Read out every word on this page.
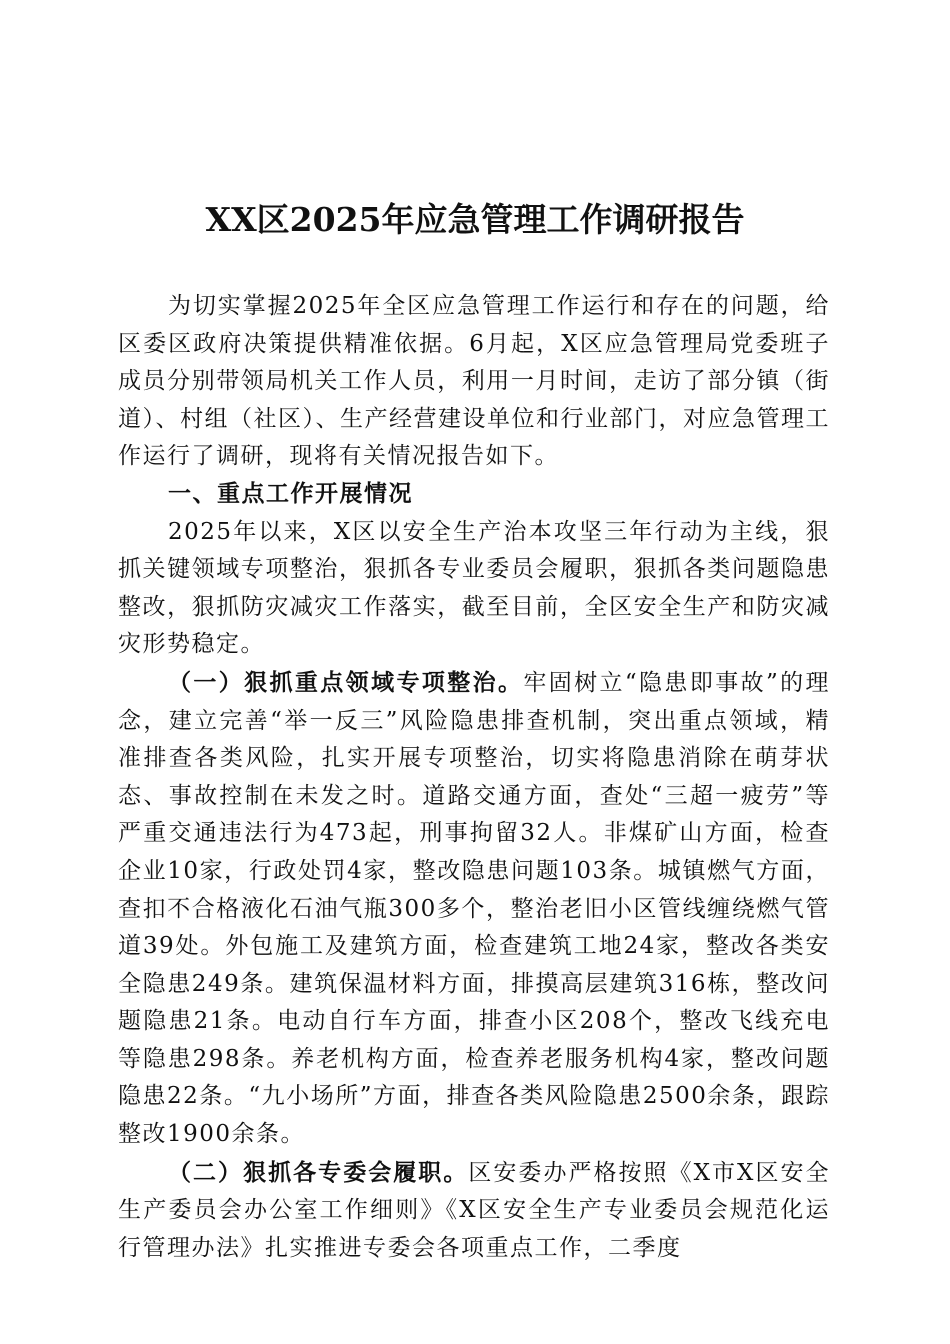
XX区2025年应急管理工作调研报告

为切实掌握2025年全区应急管理工作运行和存在的问题，给区委区政府决策提供精准依据。6月起，X区应急管理局党委班子成员分别带领局机关工作人员，利用一月时间，走访了部分镇（街道）、村组（社区）、生产经营建设单位和行业部门，对应急管理工作运行了调研，现将有关情况报告如下。

一、重点工作开展情况

2025年以来，X区以安全生产治本攻坚三年行动为主线，狠抓关键领域专项整治，狠抓各专业委员会履职，狠抓各类问题隐患整改，狠抓防灾减灾工作落实，截至目前，全区安全生产和防灾减灾形势稳定。

（一）狠抓重点领域专项整治。牢固树立“隐患即事故”的理念，建立完善“举一反三”风险隐患排查机制，突出重点领域，精准排查各类风险，扎实开展专项整治，切实将隐患消除在萌芽状态、事故控制在未发之时。道路交通方面，查处“三超一疲劳”等严重交通违法行为473起，刑事拘留32人。非煤矿山方面，检查企业10家，行政处罚4家，整改隐患问题103条。城镇燃气方面，查扣不合格液化石油气瓶300多个，整治老旧小区管线缠绕燃气管道39处。外包施工及建筑方面，检查建筑工地24家，整改各类安全隐患249条。建筑保温材料方面，排摸高层建筑316栋，整改问题隐患21条。电动自行车方面，排查小区208个，整改飞线充电等隐患298条。养老机构方面，检查养老服务机构4家，整改问题隐患22条。“九小场所”方面，排查各类风险隐患2500余条，跟踪整改1900余条。

（二）狠抓各专委会履职。区安委办严格按照《X市X区安全生产委员会办公室工作细则》《X区安全生产专业委员会规范化运行管理办法》扎实推进专委会各项重点工作，二季度
